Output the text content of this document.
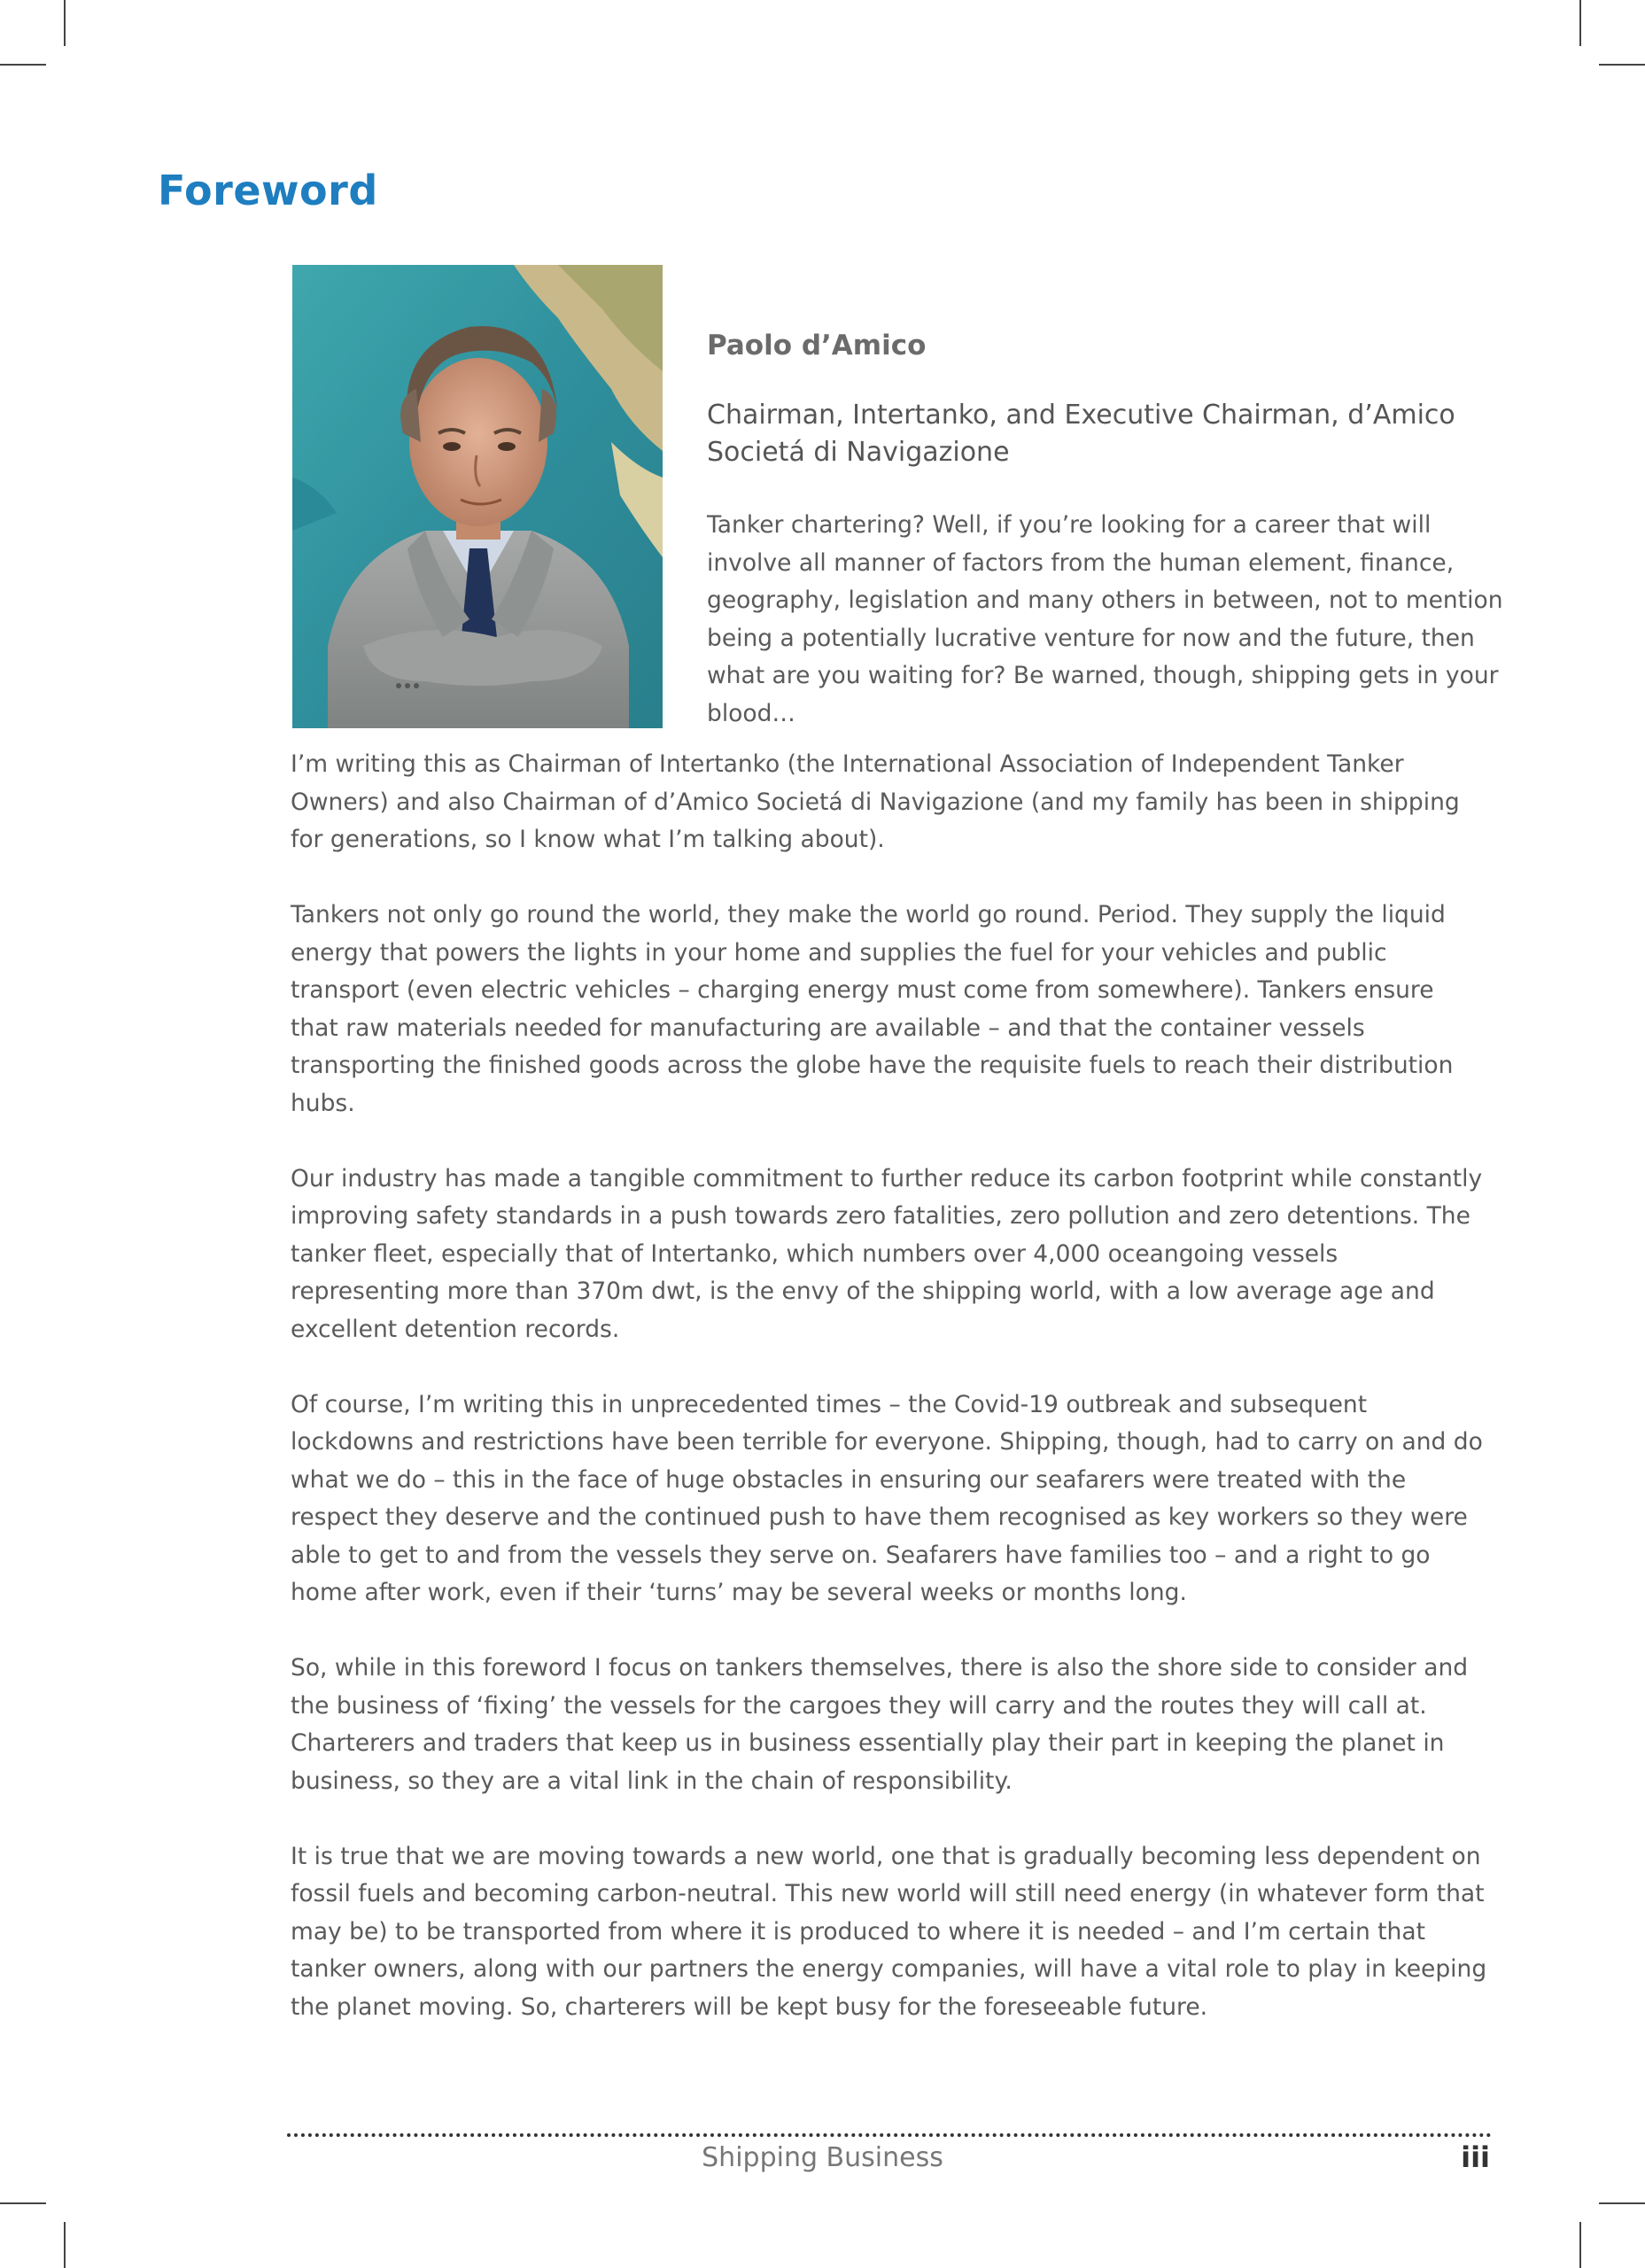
Foreword
Paolo d’Amico

Chairman, Intertanko, and Executive Chairman, d’Amico Societá di Navigazione

Tanker chartering? Well, if you’re looking for a career that will involve all manner of factors from the human element, finance, geography, legislation and many others in between, not to mention being a potentially lucrative venture for now and the future, then what are you waiting for? Be warned, though, shipping gets in your blood…

I’m writing this as Chairman of Intertanko (the International Association of Independent Tanker Owners) and also Chairman of d’Amico Societá di Navigazione (and my family has been in shipping for generations, so I know what I’m talking about).

Tankers not only go round the world, they make the world go round. Period. They supply the liquid energy that powers the lights in your home and supplies the fuel for your vehicles and public transport (even electric vehicles – charging energy must come from somewhere). Tankers ensure that raw materials needed for manufacturing are available – and that the container vessels transporting the finished goods across the globe have the requisite fuels to reach their distribution hubs.

Our industry has made a tangible commitment to further reduce its carbon footprint while constantly improving safety standards in a push towards zero fatalities, zero pollution and zero detentions. The tanker fleet, especially that of Intertanko, which numbers over 4,000 oceangoing vessels representing more than 370m dwt, is the envy of the shipping world, with a low average age and excellent detention records.

Of course, I’m writing this in unprecedented times – the Covid-19 outbreak and subsequent lockdowns and restrictions have been terrible for everyone. Shipping, though, had to carry on and do what we do – this in the face of huge obstacles in ensuring our seafarers were treated with the respect they deserve and the continued push to have them recognised as key workers so they were able to get to and from the vessels they serve on. Seafarers have families too – and a right to go home after work, even if their ‘turns’ may be several weeks or months long.

So, while in this foreword I focus on tankers themselves, there is also the shore side to consider and the business of ‘fixing’ the vessels for the cargoes they will carry and the routes they will call at. Charterers and traders that keep us in business essentially play their part in keeping the planet in business, so they are a vital link in the chain of responsibility.

It is true that we are moving towards a new world, one that is gradually becoming less dependent on fossil fuels and becoming carbon-neutral. This new world will still need energy (in whatever form that may be) to be transported from where it is produced to where it is needed – and I’m certain that tanker owners, along with our partners the energy companies, will have a vital role to play in keeping the planet moving. So, charterers will be kept busy for the foreseeable future.

Shipping Business	iii
